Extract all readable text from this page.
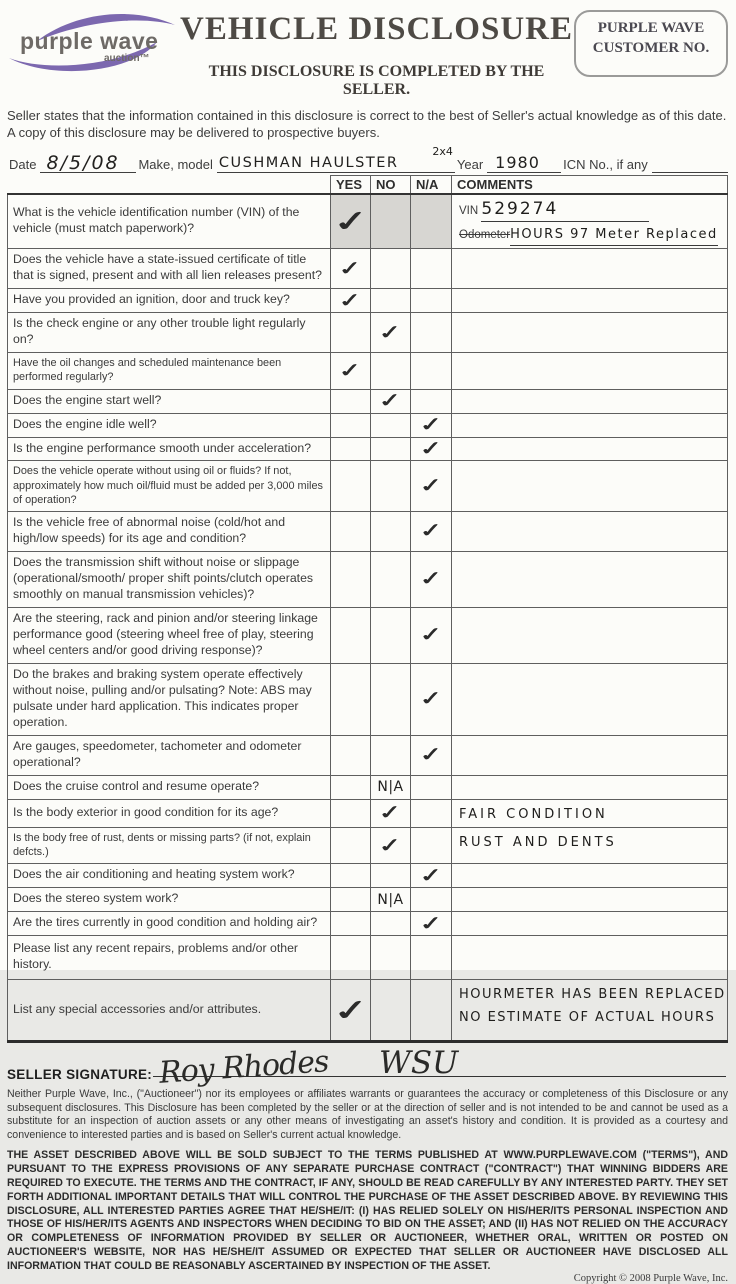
purple wave
auction™
VEHICLE DISCLOSURE
THIS DISCLOSURE IS COMPLETED BY THE SELLER.
PURPLE WAVE
CUSTOMER NO.

Seller states that the information contained in this disclosure is correct to the best of Seller's actual knowledge as of this date.
A copy of this disclosure may be delivered to prospective buyers.

Date 8/5/08 Make, model CUSHMAN HAULSTER
2x4
Year 1980 ICN No., if any
	YES	NO	N/A	COMMENTS
What is the vehicle identification number (VIN) of the vehicle (must match paperwork)?	✓			VIN 529274
OdometerHOURS 97 Meter Replaced

Does the vehicle have a state-issued certificate of title that is signed, present and with all lien releases present?	✓			
Have you provided an ignition, door and truck key?	✓			
Is the check engine or any other trouble light regularly on?		✓		
Have the oil changes and scheduled maintenance been performed regularly?	✓			
Does the engine start well?		✓		
Does the engine idle well?			✓	
Is the engine performance smooth under acceleration?			✓	
Does the vehicle operate without using oil or fluids? If not, approximately how much oil/fluid must be added per 3,000 miles of operation?			✓	
Is the vehicle free of abnormal noise (cold/hot and high/low speeds) for its age and condition?			✓	
Does the transmission shift without noise or slippage (operational/smooth/ proper shift points/clutch operates smoothly on manual transmission vehicles)?			✓	
Are the steering, rack and pinion and/or steering linkage performance good (steering wheel free of play, steering wheel centers and/or good driving response)?			✓	
Do the brakes and braking system operate effectively without noise, pulling and/or pulsating? Note: ABS may pulsate under hard application. This indicates proper operation.			✓	
Are gauges, speedometer, tachometer and odometer operational?			✓	
Does the cruise control and resume operate?		N|A		
Is the body exterior in good condition for its age?		✓		FAIR CONDITION

Is the body free of rust, dents or missing parts? (if not, explain defcts.)		✓		RUST AND DENTS

Does the air conditioning and heating system work?			✓	
Does the stereo system work?		N|A		
Are the tires currently in good condition and holding air?			✓	
Please list any recent repairs, problems and/or other history.				
List any special accessories and/or attributes.	✓			HOURMETER HAS BEEN REPLACED
NO ESTIMATE OF ACTUAL HOURS
SELLER SIGNATURE: Roy Rhodes WSU

Neither Purple Wave, Inc., ("Auctioneer") nor its employees or affiliates warrants or guarantees the accuracy or completeness of this Disclosure or any subsequent disclosures. This Disclosure has been completed by the seller or at the direction of seller and is not intended to be and cannot be used as a substitute for an inspection of auction assets or any other means of investigating an asset's history and condition. It is provided as a courtesy and convenience to interested parties and is based on Seller's current actual knowledge.

THE ASSET DESCRIBED ABOVE WILL BE SOLD SUBJECT TO THE TERMS PUBLISHED AT WWW.PURPLEWAVE.COM ("TERMS"), AND PURSUANT TO THE EXPRESS PROVISIONS OF ANY SEPARATE PURCHASE CONTRACT ("CONTRACT") THAT WINNING BIDDERS ARE REQUIRED TO EXECUTE. THE TERMS AND THE CONTRACT, IF ANY, SHOULD BE READ CAREFULLY BY ANY INTERESTED PARTY. THEY SET FORTH ADDITIONAL IMPORTANT DETAILS THAT WILL CONTROL THE PURCHASE OF THE ASSET DESCRIBED ABOVE. BY REVIEWING THIS DISCLOSURE, ALL INTERESTED PARTIES AGREE THAT HE/SHE/IT: (I) HAS RELIED SOLELY ON HIS/HER/ITS PERSONAL INSPECTION AND THOSE OF HIS/HER/ITS AGENTS AND INSPECTORS WHEN DECIDING TO BID ON THE ASSET; AND (II) HAS NOT RELIED ON THE ACCURACY OR COMPLETENESS OF INFORMATION PROVIDED BY SELLER OR AUCTIONEER, WHETHER ORAL, WRITTEN OR POSTED ON AUCTIONEER'S WEBSITE, NOR HAS HE/SHE/IT ASSUMED OR EXPECTED THAT SELLER OR AUCTIONEER HAVE DISCLOSED ALL INFORMATION THAT COULD BE REASONABLY ASCERTAINED BY INSPECTION OF THE ASSET.

Copyright © 2008 Purple Wave, Inc.
